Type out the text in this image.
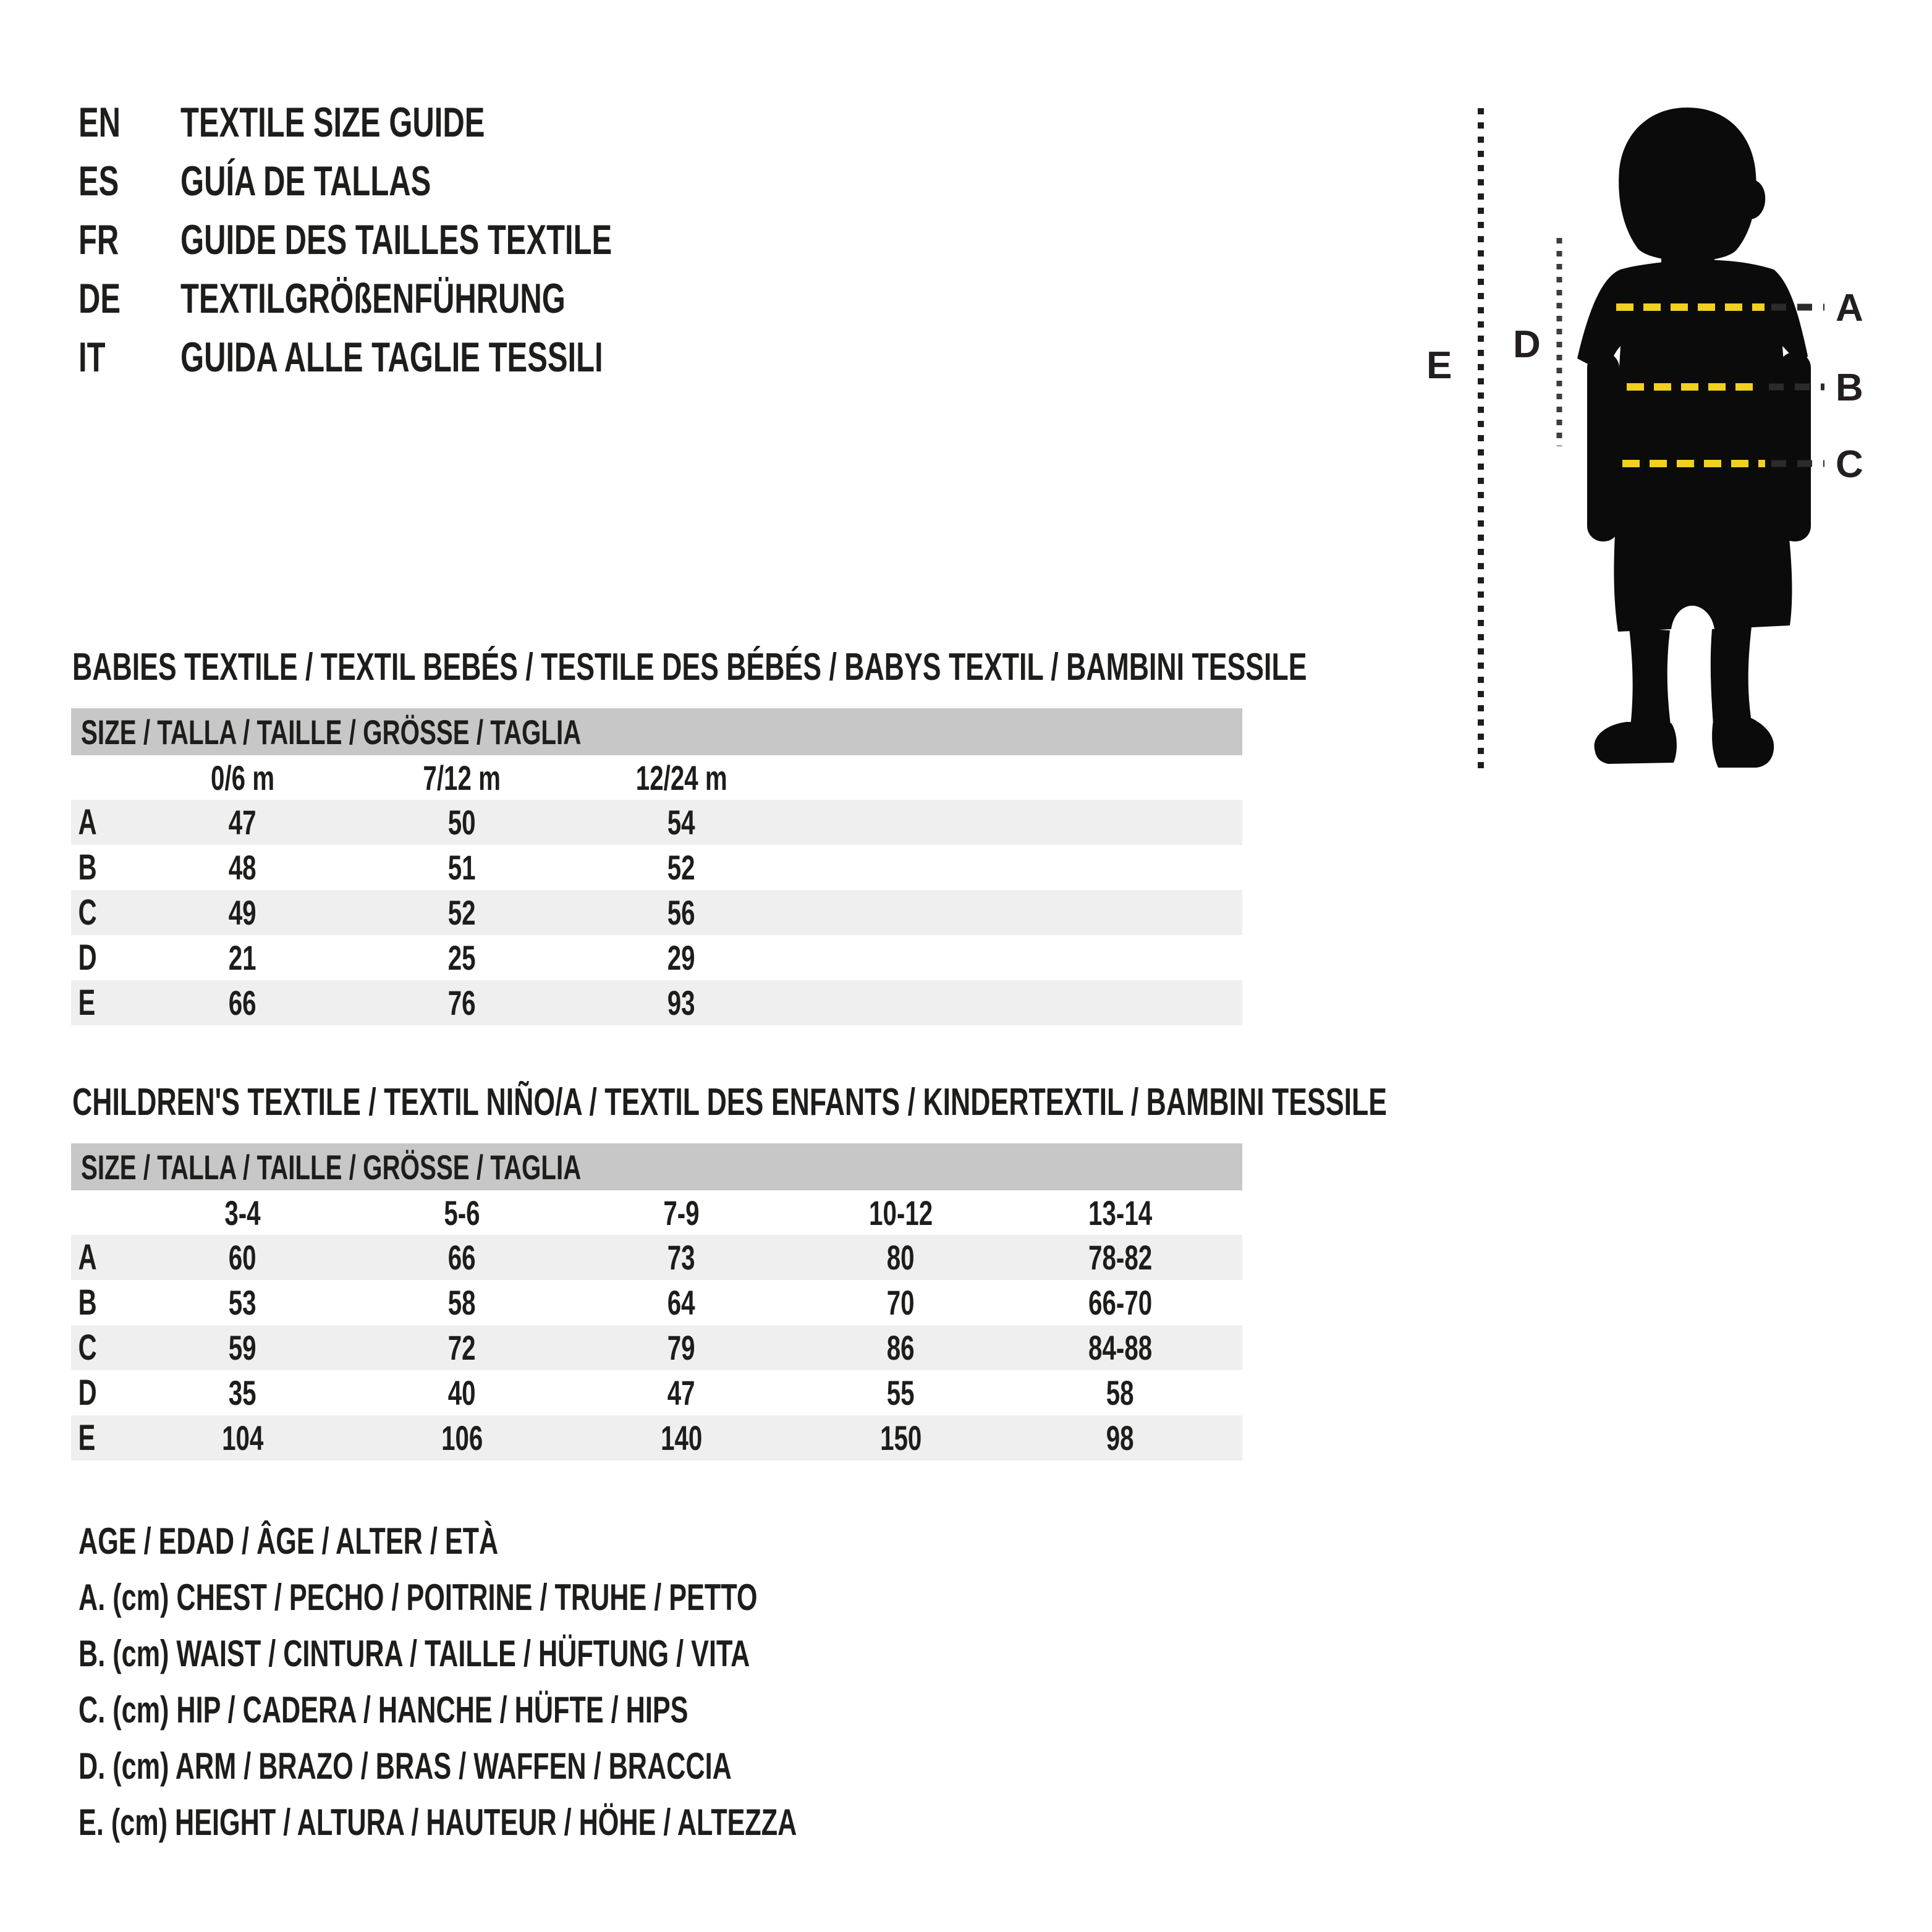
EN	TEXTILE SIZE GUIDE
ES	GUÍA DE TALLAS
FR	GUIDE DES TAILLES TEXTILE
DE	TEXTILGRÖßENFÜHRUNG
IT	GUIDA ALLE TAGLIE TESSILI	E D
A
B
C
BABIES TEXTILE / TEXTIL BEBÉS / TESTILE DES BÉBÉS / BABYS TEXTIL / BAMBINI TESSILE
SIZE / TALLA / TAILLE / GRÖSSE / TAGLIA
0/6 m	7/12 m	12/24 m
A	47	50	54
B	48	51	52
C	49	52	56
D	21	25	29
E	66	76	93
CHILDREN'S TEXTILE / TEXTIL NIÑO/A / TEXTIL DES ENFANTS / KINDERTEXTIL / BAMBINI TESSILE
SIZE / TALLA / TAILLE / GRÖSSE / TAGLIA
3-4	5-6	7-9	10-12	13-14
A	60	66	73	80	78-82
B	53	58	64	70	66-70
C	59	72	79	86	84-88
D	35	40	47	55	58
E	104	106	140	150	98
AGE / EDAD / ÂGE / ALTER / ETÀ
A. (cm) CHEST / PECHO / POITRINE / TRUHE / PETTO
B. (cm) WAIST / CINTURA / TAILLE / HÜFTUNG / VITA
C. (cm) HIP / CADERA / HANCHE / HÜFTE / HIPS
D. (cm) ARM / BRAZO / BRAS / WAFFEN / BRACCIA
E. (cm) HEIGHT / ALTURA / HAUTEUR / HÖHE / ALTEZZA
